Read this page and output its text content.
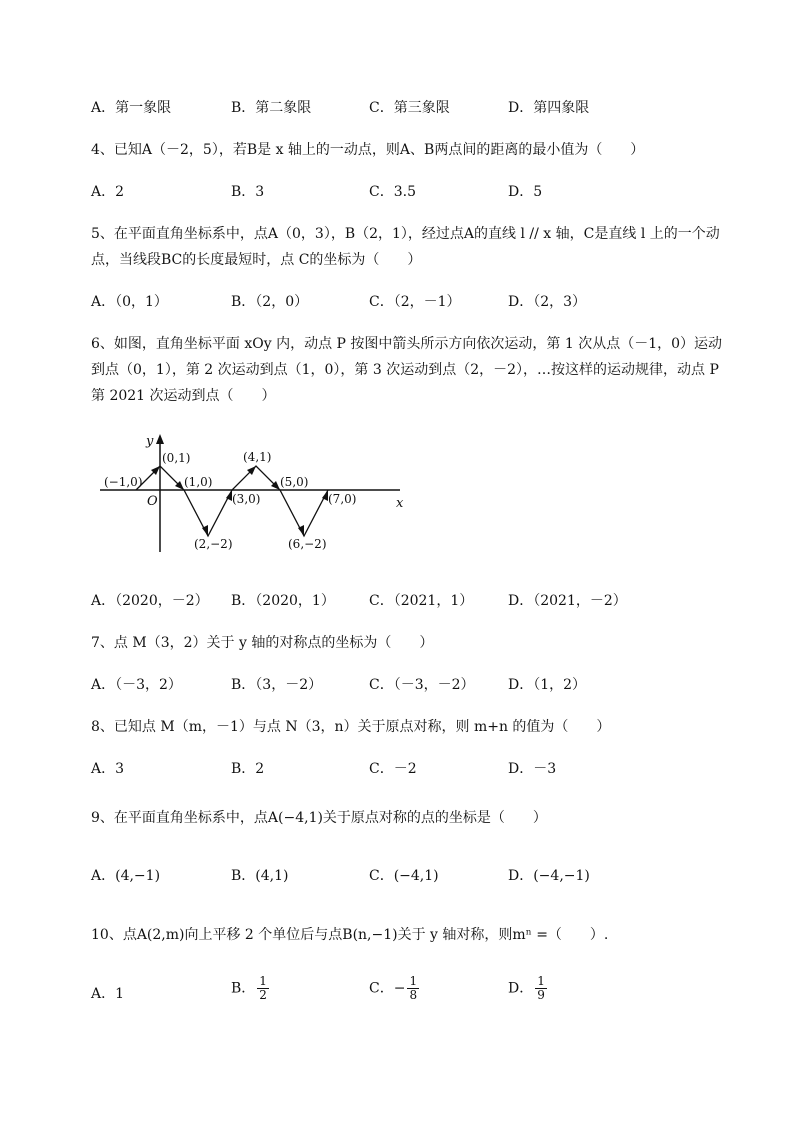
A．第一象限	B．第二象限	C．第三象限	D．第四象限
4、已知A（－2，5），若B是 x 轴上的一动点，则A、B两点间的距离的最小值为（　　）
A．2	B．3	C．3.5	D．5
5、在平面直角坐标系中，点A（0，3），B（2，1），经过点A的直线 l // x 轴，C是直线 l 上的一个动
点，当线段BC的长度最短时，点 C的坐标为（　　）
A．（0，1）	B．（2，0）	C．（2，－1）	D．（2，3）
6、如图，直角坐标平面 xOy 内，动点 P 按图中箭头所示方向依次运动，第 1 次从点（－1，0）运动
到点（0，1），第 2 次运动到点（1，0），第 3 次运动到点（2，－2），…按这样的运动规律，动点 P
第 2021 次运动到点（　　）
y
x
O
(−1,0)
(0,1)
(1,0)
(2,−2)
(3,0)
(4,1)
(5,0)
(6,−2)
(7,0)
A．（2020，－2） B．（2020，1） C．（2021，1） D．（2021，－2）
7、点 M（3，2）关于 y 轴的对称点的坐标为（　　）
A．（－3，2）	B．（3，－2）	C．（－3，－2） D．（1，2）
8、已知点 M（m，－1）与点 N（3，n）关于原点对称，则 m+n 的值为（　　）
A．3	B．2	C．－2	D．－3
9、在平面直角坐标系中，点A(−4,1)关于原点对称的点的坐标是（　　）
A．(4,−1)	B．(4,1)	C．(−4,1)	D．(−4,−1)
10、点A(2,m)向上平移 2 个单位后与点B(n,−1)关于 y 轴对称，则mⁿ =（　　）.
A．1	B． $\frac{1}{2}$	C．− $\frac{1}{8}$	D． $\frac{1}{9}$
